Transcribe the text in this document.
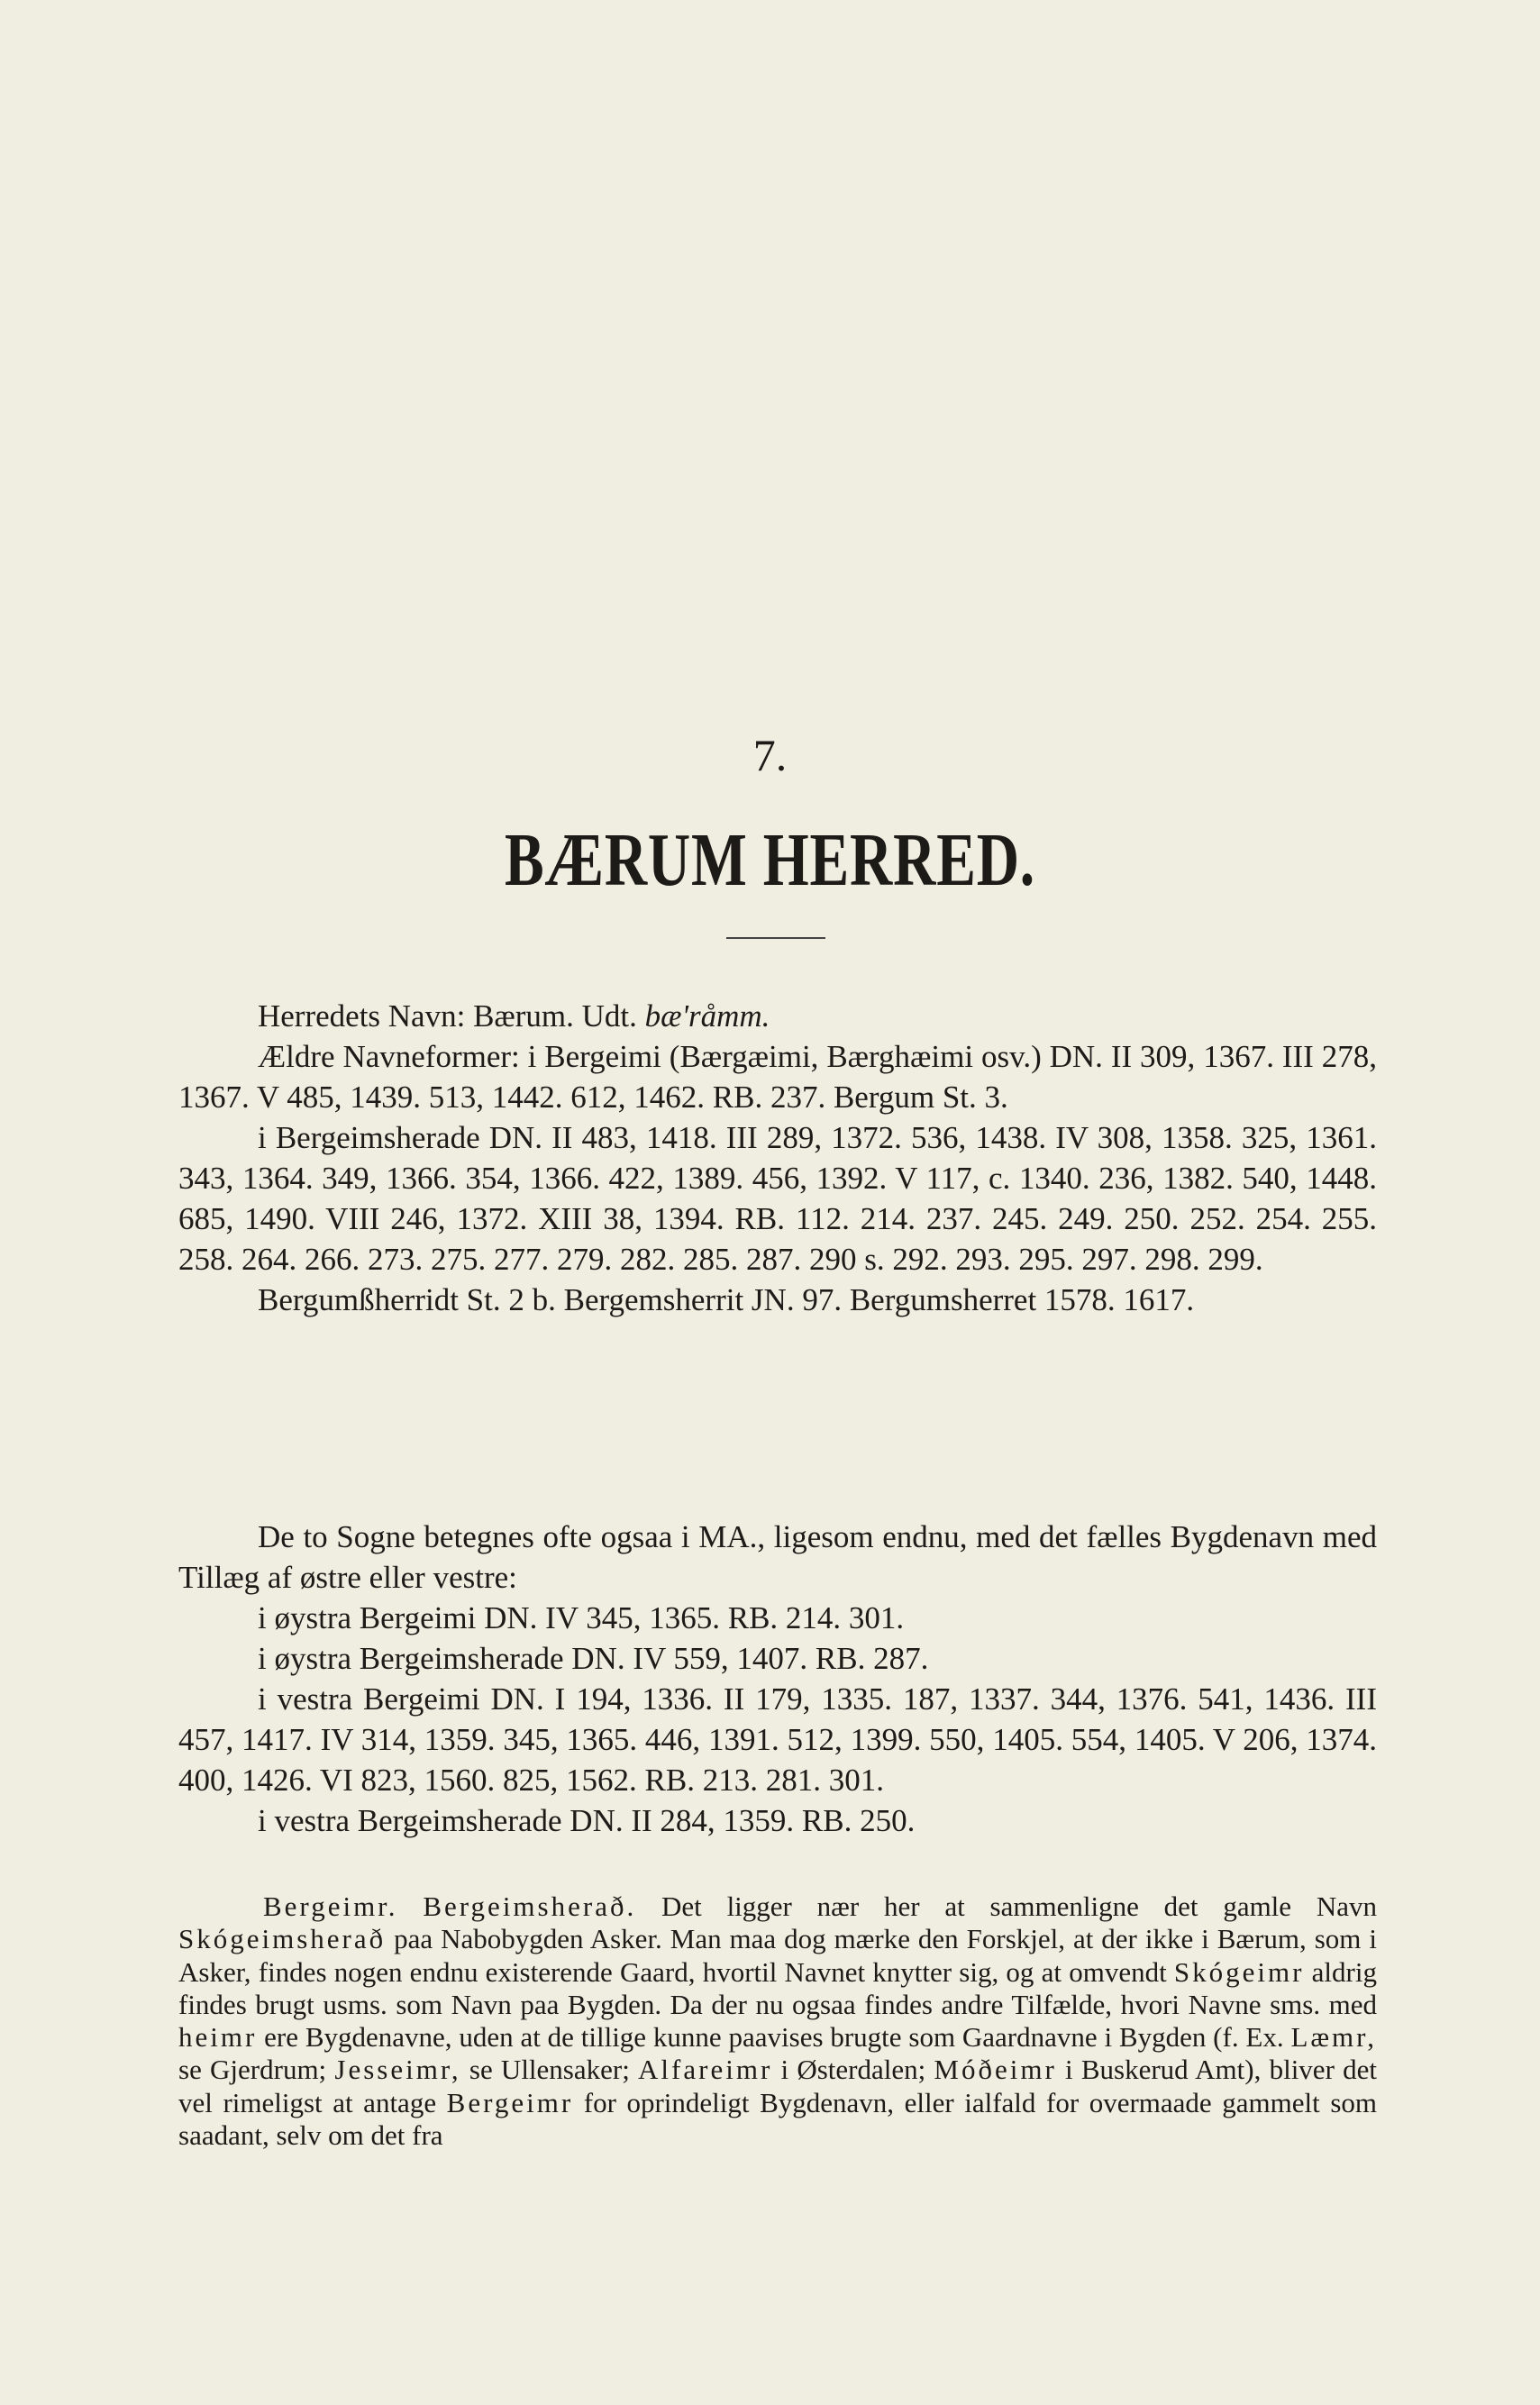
7.
BÆRUM HERRED.

Herredets Navn: Bærum. Udt. bæ'råmm.

Ældre Navneformer: i Bergeimi (Bærgæimi, Bærghæimi osv.) DN. II 309, 1367. III 278, 1367. V 485, 1439. 513, 1442. 612, 1462. RB. 237. Bergum St. 3.

i Bergeimsherade DN. II 483, 1418. III 289, 1372. 536, 1438. IV 308, 1358. 325, 1361. 343, 1364. 349, 1366. 354, 1366. 422, 1389. 456, 1392. V 117, c. 1340. 236, 1382. 540, 1448. 685, 1490. VIII 246, 1372. XIII 38, 1394. RB. 112. 214. 237. 245. 249. 250. 252. 254. 255. 258. 264. 266. 273. 275. 277. 279. 282. 285. 287. 290 s. 292. 293. 295. 297. 298. 299.

Bergumßherridt St. 2 b. Bergemsherrit JN. 97. Bergumsherret 1578. 1617.

De to Sogne betegnes ofte ogsaa i MA., ligesom endnu, med det fælles Bygdenavn med Tillæg af østre eller vestre:

i øystra Bergeimi DN. IV 345, 1365. RB. 214. 301.

i øystra Bergeimsherade DN. IV 559, 1407. RB. 287.

i vestra Bergeimi DN. I 194, 1336. II 179, 1335. 187, 1337. 344, 1376. 541, 1436. III 457, 1417. IV 314, 1359. 345, 1365. 446, 1391. 512, 1399. 550, 1405. 554, 1405. V 206, 1374. 400, 1426. VI 823, 1560. 825, 1562. RB. 213. 281. 301.

i vestra Bergeimsherade DN. II 284, 1359. RB. 250.

Bergeimr. Bergeimsherað. Det ligger nær her at sammenligne det gamle Navn Skógeimsherað paa Nabobygden Asker. Man maa dog mærke den Forskjel, at der ikke i Bærum, som i Asker, findes nogen endnu existerende Gaard, hvortil Navnet knytter sig, og at omvendt Skógeimr aldrig findes brugt usms. som Navn paa Bygden. Da der nu ogsaa findes andre Tilfælde, hvori Navne sms. med heimr ere Bygdenavne, uden at de tillige kunne paavises brugte som Gaardnavne i Bygden (f. Ex. Læmr, se Gjerdrum; Jesseimr, se Ullensaker; Alfareimr i Østerdalen; Móðeimr i Buskerud Amt), bliver det vel rimeligst at antage Bergeimr for oprindeligt Bygdenavn, eller ialfald for overmaade gammelt som saadant, selv om det fra
